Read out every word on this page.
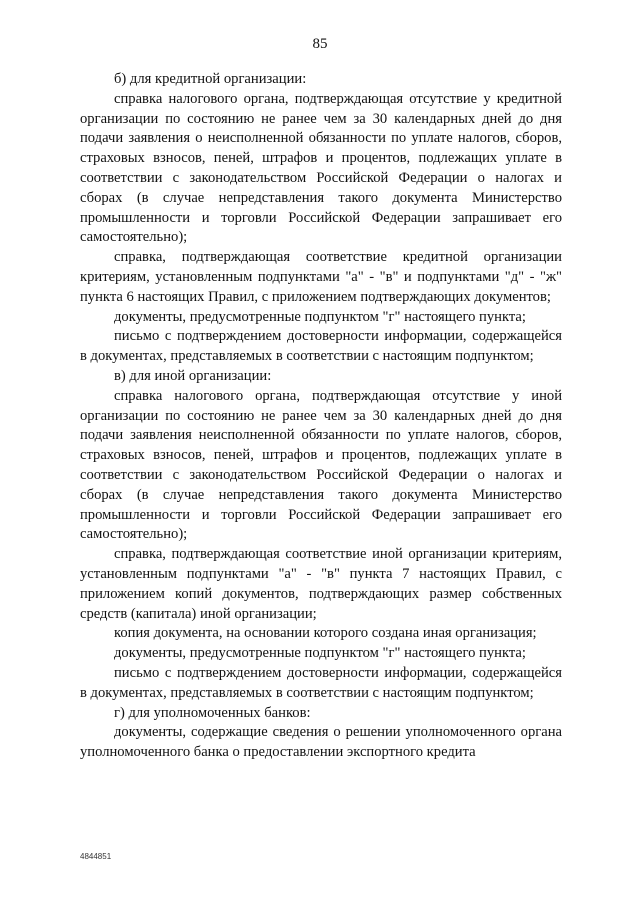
85

б) для кредитной организации:

справка налогового органа, подтверждающая отсутствие у кредитной организации по состоянию не ранее чем за 30 календарных дней до дня подачи заявления о неисполненной обязанности по уплате налогов, сборов, страховых взносов, пеней, штрафов и процентов, подлежащих уплате в соответствии с законодательством Российской Федерации о налогах и сборах (в случае непредставления такого документа Министерство промышленности и торговли Российской Федерации запрашивает его самостоятельно);

справка, подтверждающая соответствие кредитной организации критериям, установленным подпунктами "а" - "в" и подпунктами "д" - "ж" пункта 6 настоящих Правил, с приложением подтверждающих документов;

документы, предусмотренные подпунктом "г" настоящего пункта;

письмо с подтверждением достоверности информации, содержащейся в документах, представляемых в соответствии с настоящим подпунктом;

в) для иной организации:

справка налогового органа, подтверждающая отсутствие у иной организации по состоянию не ранее чем за 30 календарных дней до дня подачи заявления неисполненной обязанности по уплате налогов, сборов, страховых взносов, пеней, штрафов и процентов, подлежащих уплате в соответствии с законодательством Российской Федерации о налогах и сборах (в случае непредставления такого документа Министерство промышленности и торговли Российской Федерации запрашивает его самостоятельно);

справка, подтверждающая соответствие иной организации критериям, установленным подпунктами "а" - "в" пункта 7 настоящих Правил, с приложением копий документов, подтверждающих размер собственных средств (капитала) иной организации;

копия документа, на основании которого создана иная организация;

документы, предусмотренные подпунктом "г" настоящего пункта;

письмо с подтверждением достоверности информации, содержащейся в документах, представляемых в соответствии с настоящим подпунктом;

г) для уполномоченных банков:

документы, содержащие сведения о решении уполномоченного органа уполномоченного банка о предоставлении экспортного кредита

4844851
